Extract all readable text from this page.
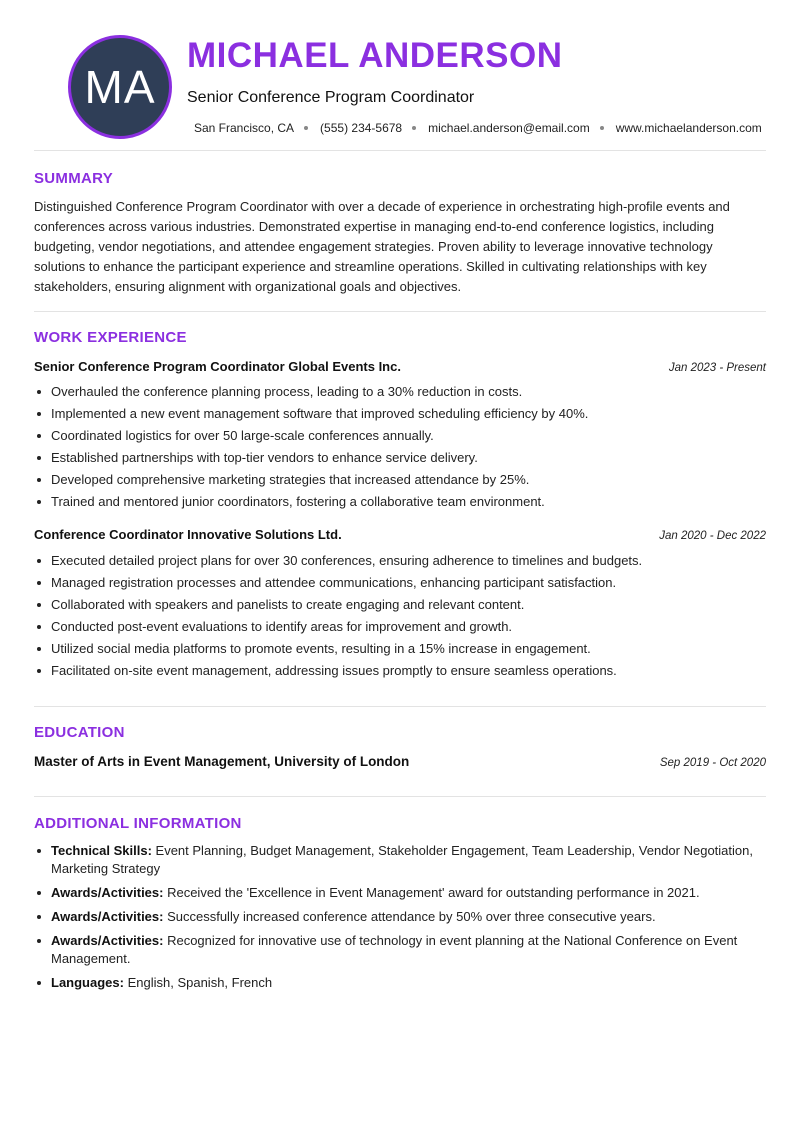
MA
MICHAEL ANDERSON
Senior Conference Program Coordinator
San Francisco, CA (555) 234-5678 michael.anderson@email.com www.michaelanderson.com
SUMMARY
Distinguished Conference Program Coordinator with over a decade of experience in orchestrating high-profile events and conferences across various industries. Demonstrated expertise in managing end-to-end conference logistics, including budgeting, vendor negotiations, and attendee engagement strategies. Proven ability to leverage innovative technology solutions to enhance the participant experience and streamline operations. Skilled in cultivating relationships with key stakeholders, ensuring alignment with organizational goals and objectives.
WORK EXPERIENCE
Senior Conference Program Coordinator Global Events Inc.	Jan 2023 - Present
Overhauled the conference planning process, leading to a 30% reduction in costs.
Implemented a new event management software that improved scheduling efficiency by 40%.
Coordinated logistics for over 50 large-scale conferences annually.
Established partnerships with top-tier vendors to enhance service delivery.
Developed comprehensive marketing strategies that increased attendance by 25%.
Trained and mentored junior coordinators, fostering a collaborative team environment.
Conference Coordinator Innovative Solutions Ltd.	Jan 2020 - Dec 2022
Executed detailed project plans for over 30 conferences, ensuring adherence to timelines and budgets.
Managed registration processes and attendee communications, enhancing participant satisfaction.
Collaborated with speakers and panelists to create engaging and relevant content.
Conducted post-event evaluations to identify areas for improvement and growth.
Utilized social media platforms to promote events, resulting in a 15% increase in engagement.
Facilitated on-site event management, addressing issues promptly to ensure seamless operations.
EDUCATION
Master of Arts in Event Management, University of London	Sep 2019 - Oct 2020
ADDITIONAL INFORMATION
Technical Skills: Event Planning, Budget Management, Stakeholder Engagement, Team Leadership, Vendor Negotiation, Marketing Strategy
Awards/Activities: Received the 'Excellence in Event Management' award for outstanding performance in 2021.
Awards/Activities: Successfully increased conference attendance by 50% over three consecutive years.
Awards/Activities: Recognized for innovative use of technology in event planning at the National Conference on Event Management.
Languages: English, Spanish, French
